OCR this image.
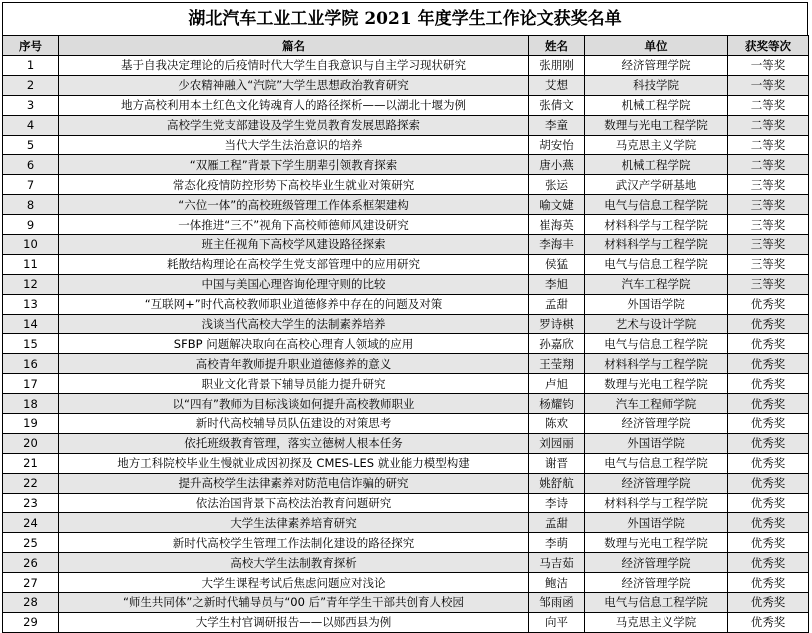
湖北汽车工业工业学院 2021 年度学生工作论文获奖名单
序号	篇名	姓名	单位	获奖等次
1	基于自我决定理论的后疫情时代大学生自我意识与自主学习现状研究	张朋刚	经济管理学院	一等奖
2	少农精神融入“汽院”大学生思想政治教育研究	艾想	科技学院	一等奖
3	地方高校利用本土红色文化铸魂育人的路径探析——以湖北十堰为例	张倩文	机械工程学院	二等奖
4	高校学生党支部建设及学生党员教育发展思路探索	李童	数理与光电工程学院	二等奖
5	当代大学生法治意识的培养	胡安怡	马克思主义学院	二等奖
6	“双雁工程”背景下学生朋辈引领教育探索	唐小燕	机械工程学院	二等奖
7	常态化疫情防控形势下高校毕业生就业对策研究	张运	武汉产学研基地	三等奖
8	“六位一体”的高校班级管理工作体系框架建构	喻文婕	电气与信息工程学院	三等奖
9	一体推进“三不”视角下高校师德师风建设研究	崔海英	材料科学与工程学院	三等奖
10	班主任视角下高校学风建设路径探索	李海丰	材料科学与工程学院	三等奖
11	耗散结构理论在高校学生党支部管理中的应用研究	侯猛	电气与信息工程学院	三等奖
12	中国与美国心理咨询伦理守则的比较	李旭	汽车工程学院	三等奖
13	“互联网+”时代高校教师职业道德修养中存在的问题及对策	孟甜	外国语学院	优秀奖
14	浅谈当代高校大学生的法制素养培养	罗诗棋	艺术与设计学院	优秀奖
15	SFBP 问题解决取向在高校心理育人领域的应用	孙嘉欣	电气与信息工程学院	优秀奖
16	高校青年教师提升职业道德修养的意义	王莹翔	材料科学与工程学院	优秀奖
17	职业文化背景下辅导员能力提升研究	卢旭	数理与光电工程学院	优秀奖
18	以“四有”教师为目标浅谈如何提升高校教师职业	杨耀钧	汽车工程师学院	优秀奖
19	新时代高校辅导员队伍建设的对策思考	陈欢	经济管理学院	优秀奖
20	依托班级教育管理，落实立德树人根本任务	刘园丽	外国语学院	优秀奖
21	地方工科院校毕业生慢就业成因初探及 CMES-LES 就业能力模型构建	谢晋	电气与信息工程学院	优秀奖
22	提升高校学生法律素养对防范电信诈骗的研究	姚舒航	经济管理学院	优秀奖
23	依法治国背景下高校法治教育问题研究	李诗	材料科学与工程学院	优秀奖
24	大学生法律素养培育研究	孟甜	外国语学院	优秀奖
25	新时代高校学生管理工作法制化建设的路径探究	李萌	数理与光电工程学院	优秀奖
26	高校大学生法制教育探析	马吉茹	经济管理学院	优秀奖
27	大学生课程考试后焦虑问题应对浅论	鲍洁	经济管理学院	优秀奖
28	“师生共同体”之新时代辅导员与“00 后”青年学生干部共创育人校园	邹雨函	电气与信息工程学院	优秀奖
29	大学生村官调研报告——以郧西县为例	向平	马克思主义学院	优秀奖
